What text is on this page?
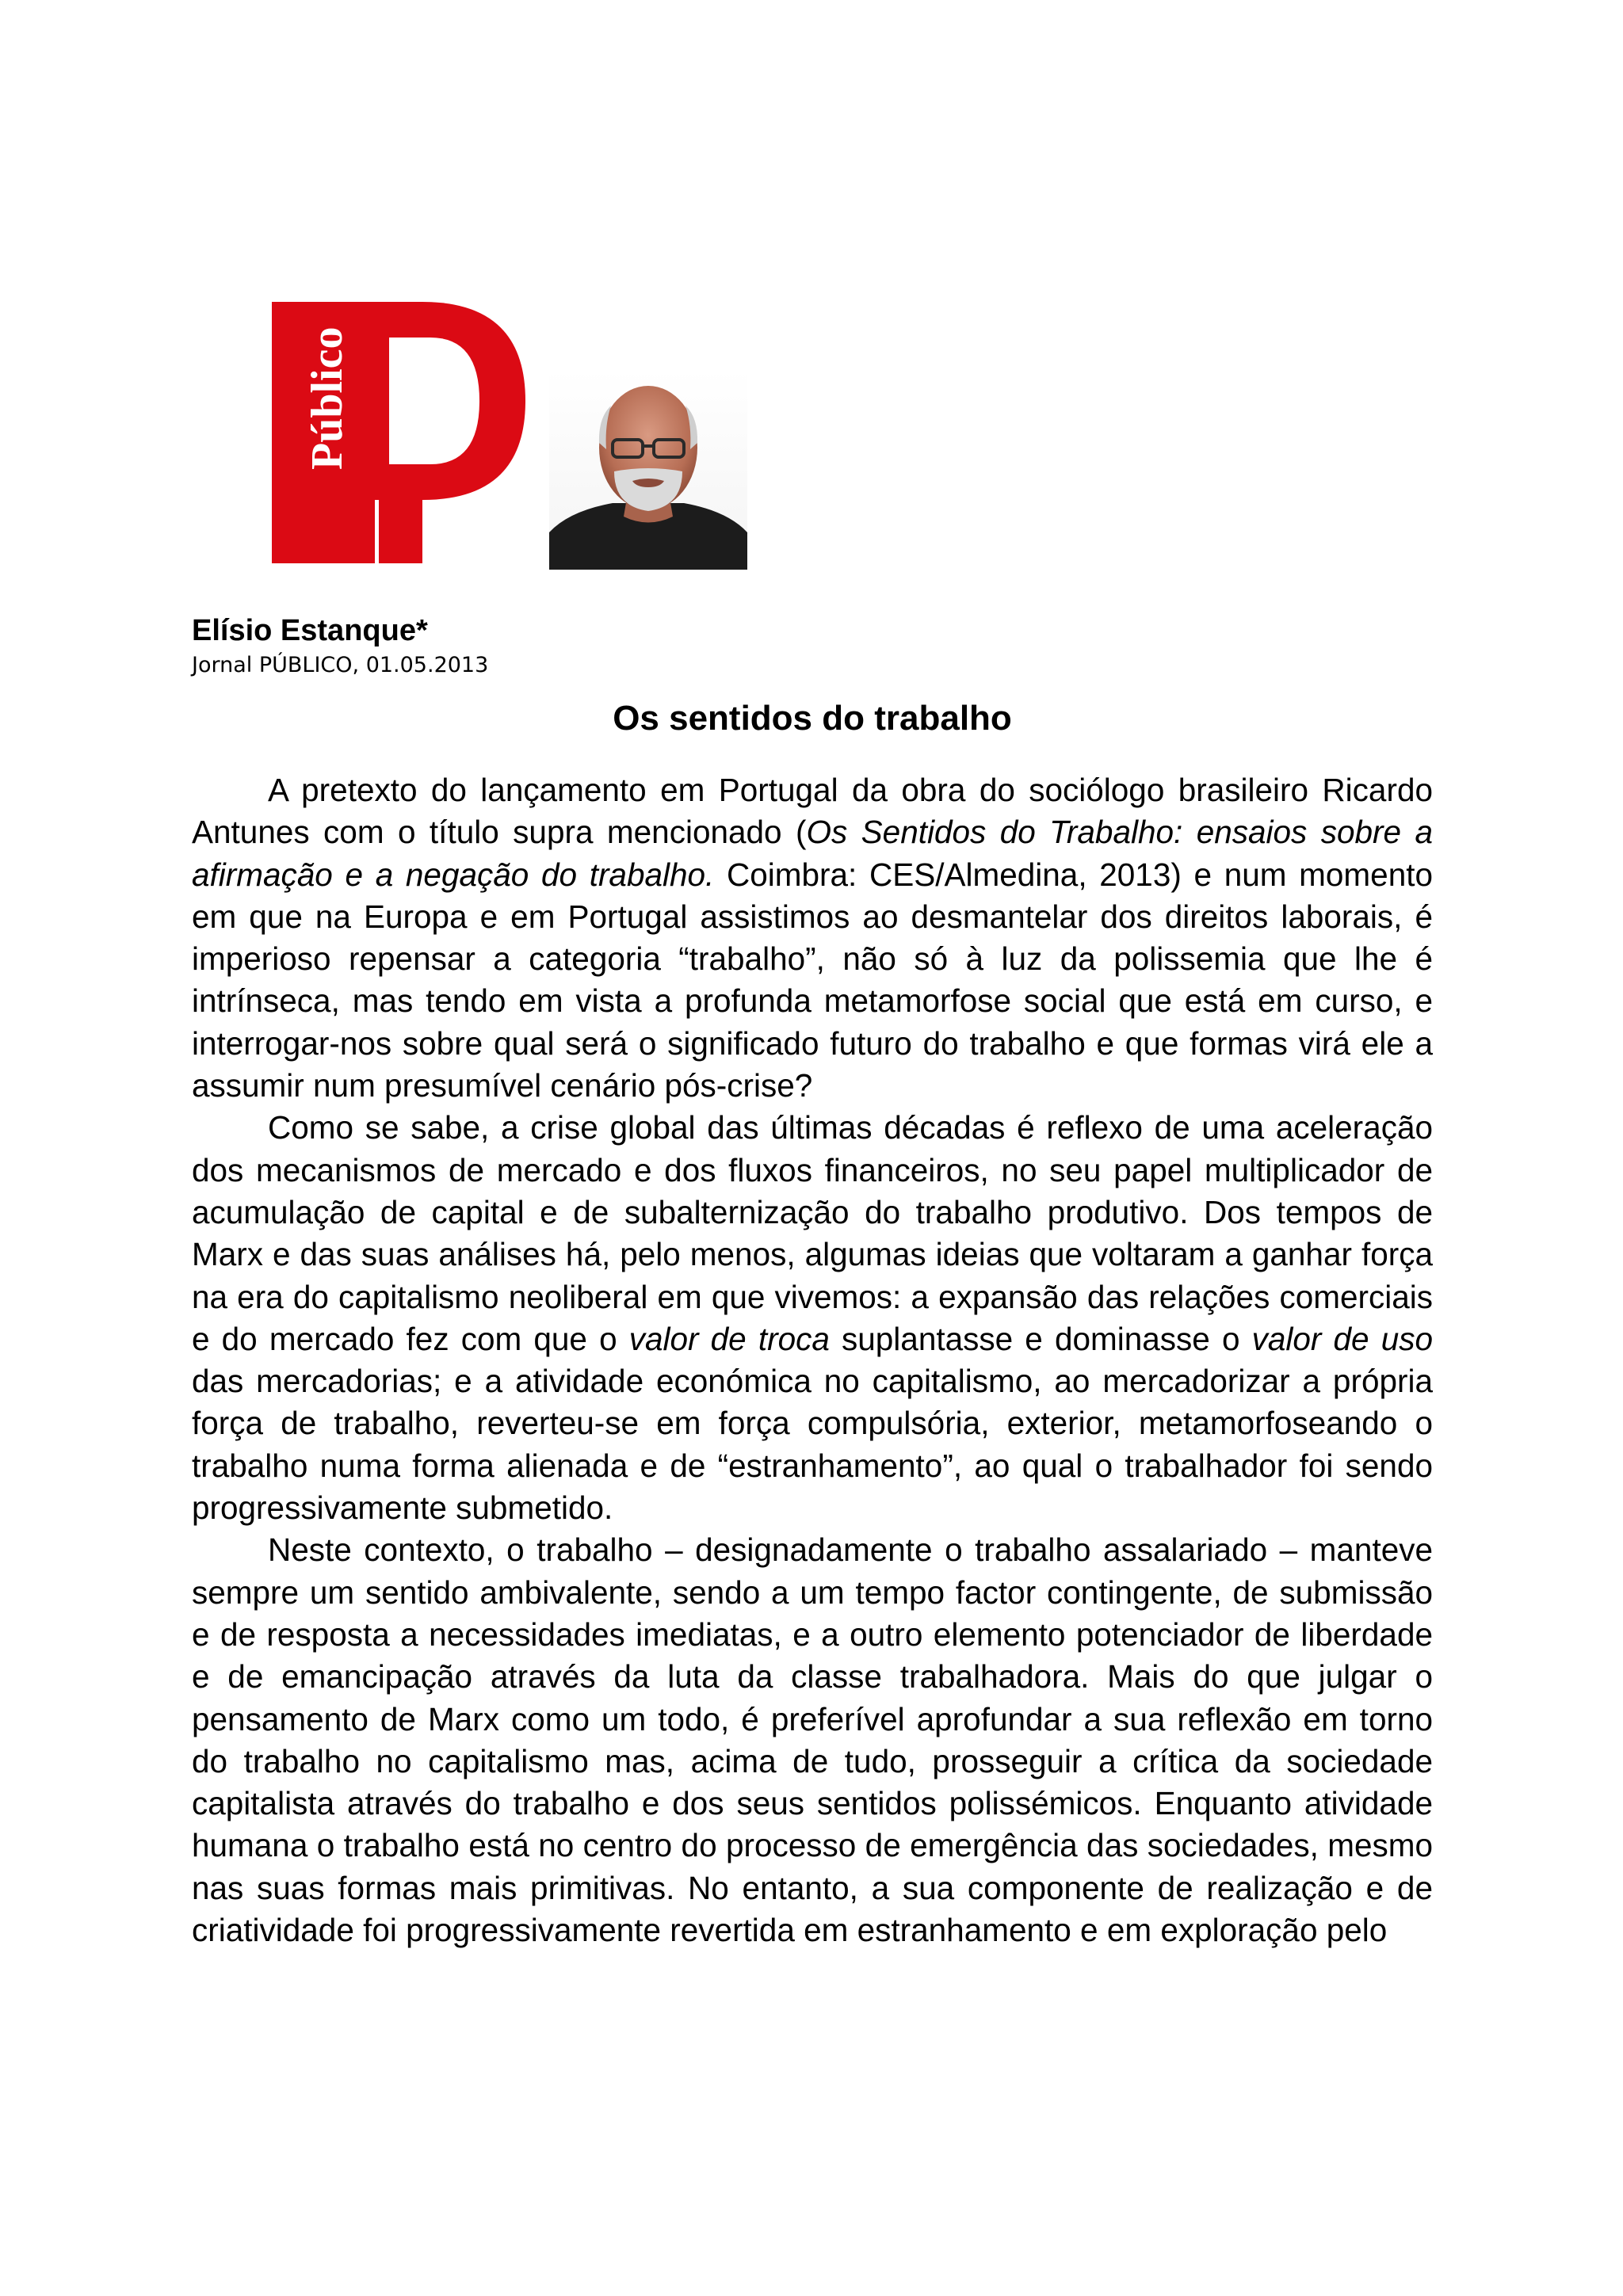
Público
Elísio Estanque*
Jornal PÚBLICO, 01.05.2013
Os sentidos do trabalho

A pretexto do lançamento em Portugal da obra do sociólogo brasileiro Ricardo Antunes com o título supra mencionado (Os Sentidos do Trabalho: ensaios sobre a afirmação e a negação do trabalho. Coimbra: CES/Almedina, 2013) e num momento em que na Europa e em Portugal assistimos ao desmantelar dos direitos laborais, é imperioso repensar a categoria “trabalho”, não só à luz da polissemia que lhe é intrínseca, mas tendo em vista a profunda metamorfose social que está em curso, e interrogar-nos sobre qual será o significado futuro do trabalho e que formas virá ele a assumir num presumível cenário pós-crise?

Como se sabe, a crise global das últimas décadas é reflexo de uma aceleração dos mecanismos de mercado e dos fluxos financeiros, no seu papel multiplicador de acumulação de capital e de subalternização do trabalho produtivo. Dos tempos de Marx e das suas análises há, pelo menos, algumas ideias que voltaram a ganhar força na era do capitalismo neoliberal em que vivemos: a expansão das relações comerciais e do mercado fez com que o valor de troca suplantasse e dominasse o valor de uso das mercadorias; e a atividade económica no capitalismo, ao mercadorizar a própria força de trabalho, reverteu-se em força compulsória, exterior, metamorfoseando o trabalho numa forma alienada e de “estranhamento”, ao qual o trabalhador foi sendo progressivamente submetido.

Neste contexto, o trabalho – designadamente o trabalho assalariado – manteve sempre um sentido ambivalente, sendo a um tempo factor contingente, de submissão e de resposta a necessidades imediatas, e a outro elemento potenciador de liberdade e de emancipação através da luta da classe trabalhadora. Mais do que julgar o pensamento de Marx como um todo, é preferível aprofundar a sua reflexão em torno do trabalho no capitalismo mas, acima de tudo, prosseguir a crítica da sociedade capitalista através do trabalho e dos seus sentidos polissémicos. Enquanto atividade humana o trabalho está no centro do processo de emergência das sociedades, mesmo nas suas formas mais primitivas. No entanto, a sua componente de realização e de criatividade foi progressivamente revertida em estranhamento e em exploração pelo
